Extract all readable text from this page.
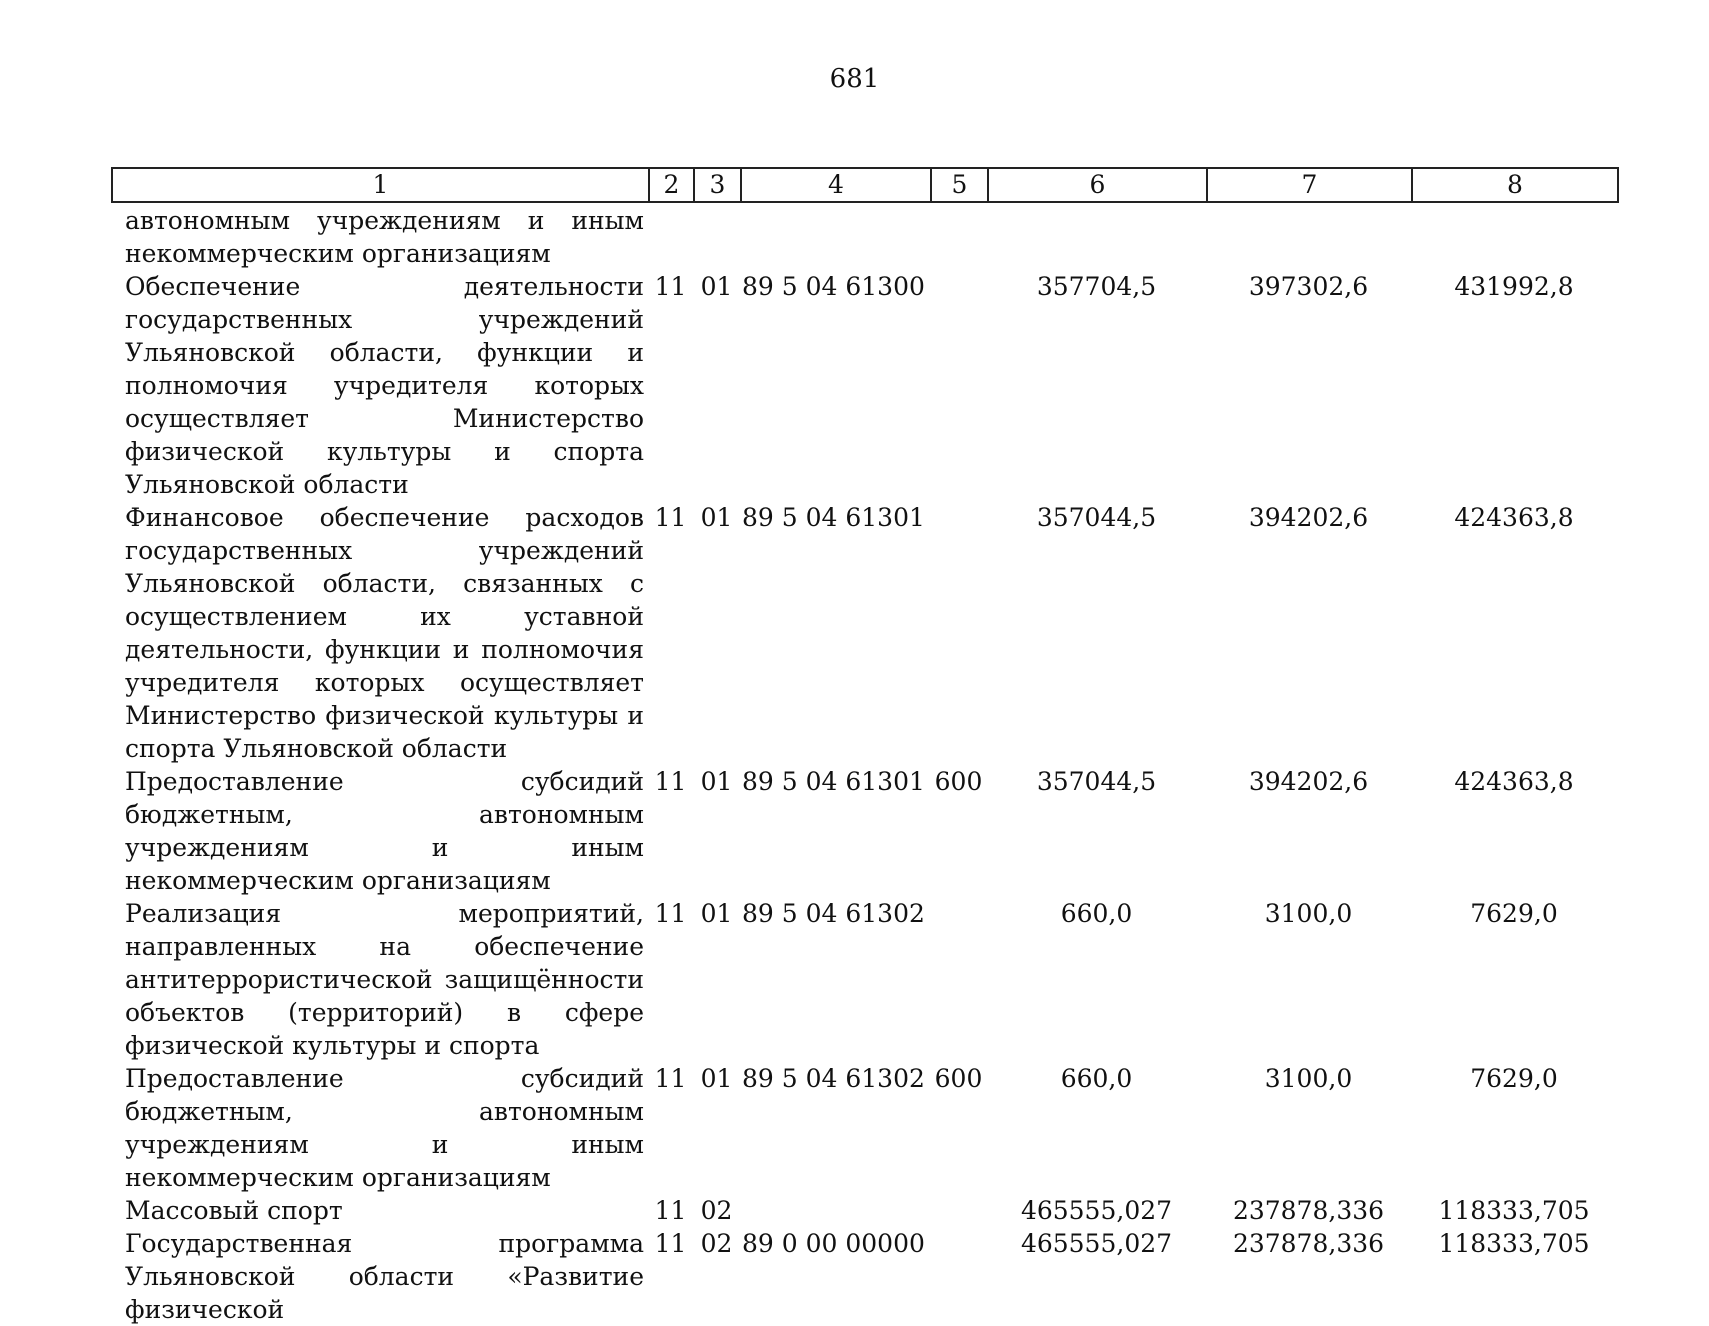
681
1	2	3	4	5	6	7	8
автономным учреждениям и иным некоммерческим организациям							
Обеспечение деятельности государственных учреждений Ульяновской области, функции и полномочия учредителя которых осуществляет Министерство физической культуры и спорта Ульяновской области	11	01	89 5 04 61300		357704,5	397302,6	431992,8
Финансовое обеспечение расходов государственных учреждений Ульяновской области, связанных с осуществлением их уставной деятельности, функции и полномочия учредителя которых осуществляет Министерство физической культуры и спорта Ульяновской области	11	01	89 5 04 61301		357044,5	394202,6	424363,8
Предоставление субсидий бюджетным, автономным учреждениям и иным некоммерческим организациям	11	01	89 5 04 61301	600	357044,5	394202,6	424363,8
Реализация мероприятий, направленных на обеспечение антитеррористической защищённости объектов (территорий) в сфере физической культуры и спорта	11	01	89 5 04 61302		660,0	3100,0	7629,0
Предоставление субсидий бюджетным, автономным учреждениям и иным некоммерческим организациям	11	01	89 5 04 61302	600	660,0	3100,0	7629,0
Массовый спорт	11	02			465555,027	237878,336	118333,705
Государственная программа Ульяновской области «Развитие физической	11	02	89 0 00 00000		465555,027	237878,336	118333,705
